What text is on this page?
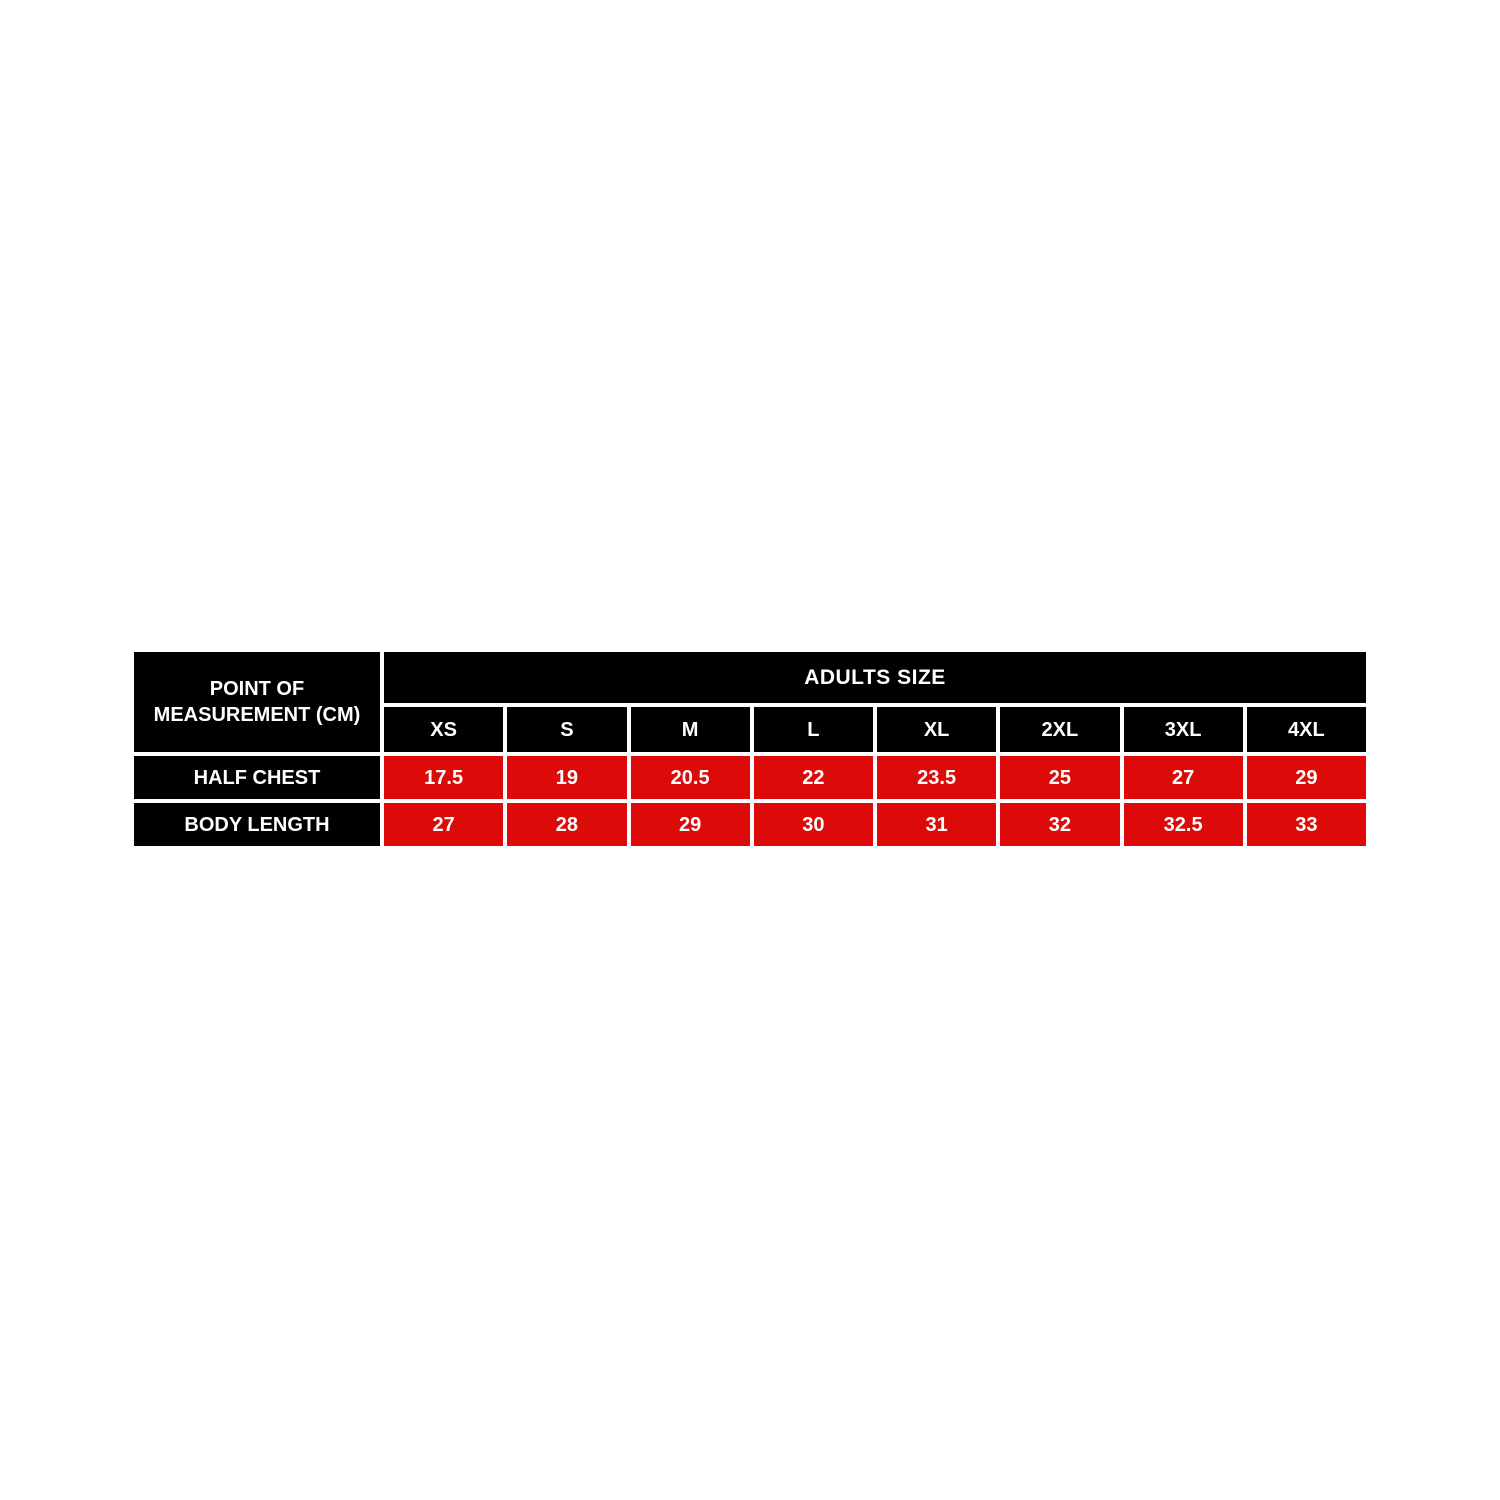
POINT OF MEASUREMENT (CM)
ADULTS SIZE
XS	S	M	L	XL	2XL	3XL	4XL
HALF CHEST	17.5	19	20.5	22	23.5	25	27	29
BODY LENGTH	27	28	29	30	31	32	32.5	33
